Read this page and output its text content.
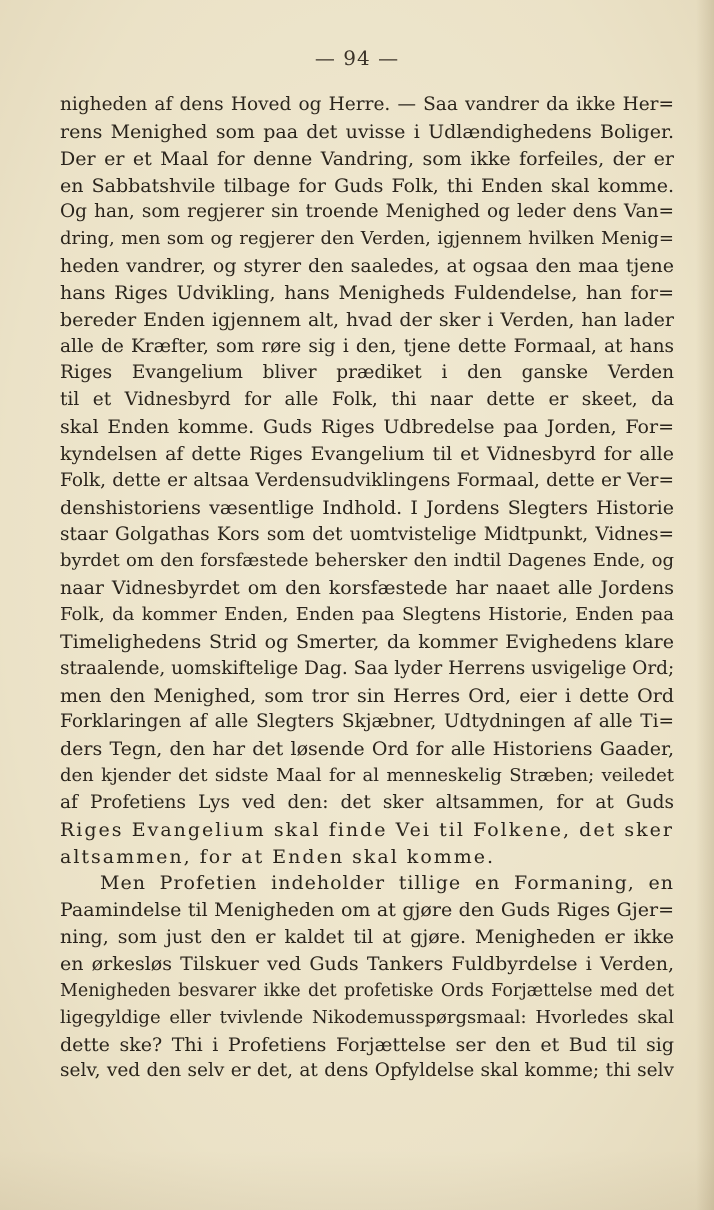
— 94 —
nigheden af dens Hoved og Herre. — Saa vandrer da ikke Her=
rens Menighed som paa det uvisse i Udlændighedens Boliger.
Der er et Maal for denne Vandring, som ikke forfeiles, der er
en Sabbatshvile tilbage for Guds Folk, thi Enden skal komme.
Og han, som regjerer sin troende Menighed og leder dens Van=
dring, men som og regjerer den Verden, igjennem hvilken Menig=
heden vandrer, og styrer den saaledes, at ogsaa den maa tjene
hans Riges Udvikling, hans Menigheds Fuldendelse, han for=
bereder Enden igjennem alt, hvad der sker i Verden, han lader
alle de Kræfter, som røre sig i den, tjene dette Formaal, at hans
Riges Evangelium bliver prædiket i den ganske Verden
til et Vidnesbyrd for alle Folk, thi naar dette er skeet, da
skal Enden komme. Guds Riges Udbredelse paa Jorden, For=
kyndelsen af dette Riges Evangelium til et Vidnesbyrd for alle
Folk, dette er altsaa Verdensudviklingens Formaal, dette er Ver=
denshistoriens væsentlige Indhold. I Jordens Slegters Historie
staar Golgathas Kors som det uomtvistelige Midtpunkt, Vidnes=
byrdet om den forsfæstede behersker den indtil Dagenes Ende, og
naar Vidnesbyrdet om den korsfæstede har naaet alle Jordens
Folk, da kommer Enden, Enden paa Slegtens Historie, Enden paa
Timelighedens Strid og Smerter, da kommer Evighedens klare
straalende, uomskiftelige Dag. Saa lyder Herrens usvigelige Ord;
men den Menighed, som tror sin Herres Ord, eier i dette Ord
Forklaringen af alle Slegters Skjæbner, Udtydningen af alle Ti=
ders Tegn, den har det løsende Ord for alle Historiens Gaader,
den kjender det sidste Maal for al menneskelig Stræben; veiledet
af Profetiens Lys ved den: det sker altsammen, for at Guds
Riges Evangelium skal finde Vei til Folkene, det sker
altsammen, for at Enden skal komme.
Men Profetien indeholder tillige en Formaning, en
Paamindelse til Menigheden om at gjøre den Guds Riges Gjer=
ning, som just den er kaldet til at gjøre. Menigheden er ikke
en ørkesløs Tilskuer ved Guds Tankers Fuldbyrdelse i Verden,
Menigheden besvarer ikke det profetiske Ords Forjættelse med det
ligegyldige eller tvivlende Nikodemusspørgsmaal: Hvorledes skal
dette ske? Thi i Profetiens Forjættelse ser den et Bud til sig
selv, ved den selv er det, at dens Opfyldelse skal komme; thi selv
